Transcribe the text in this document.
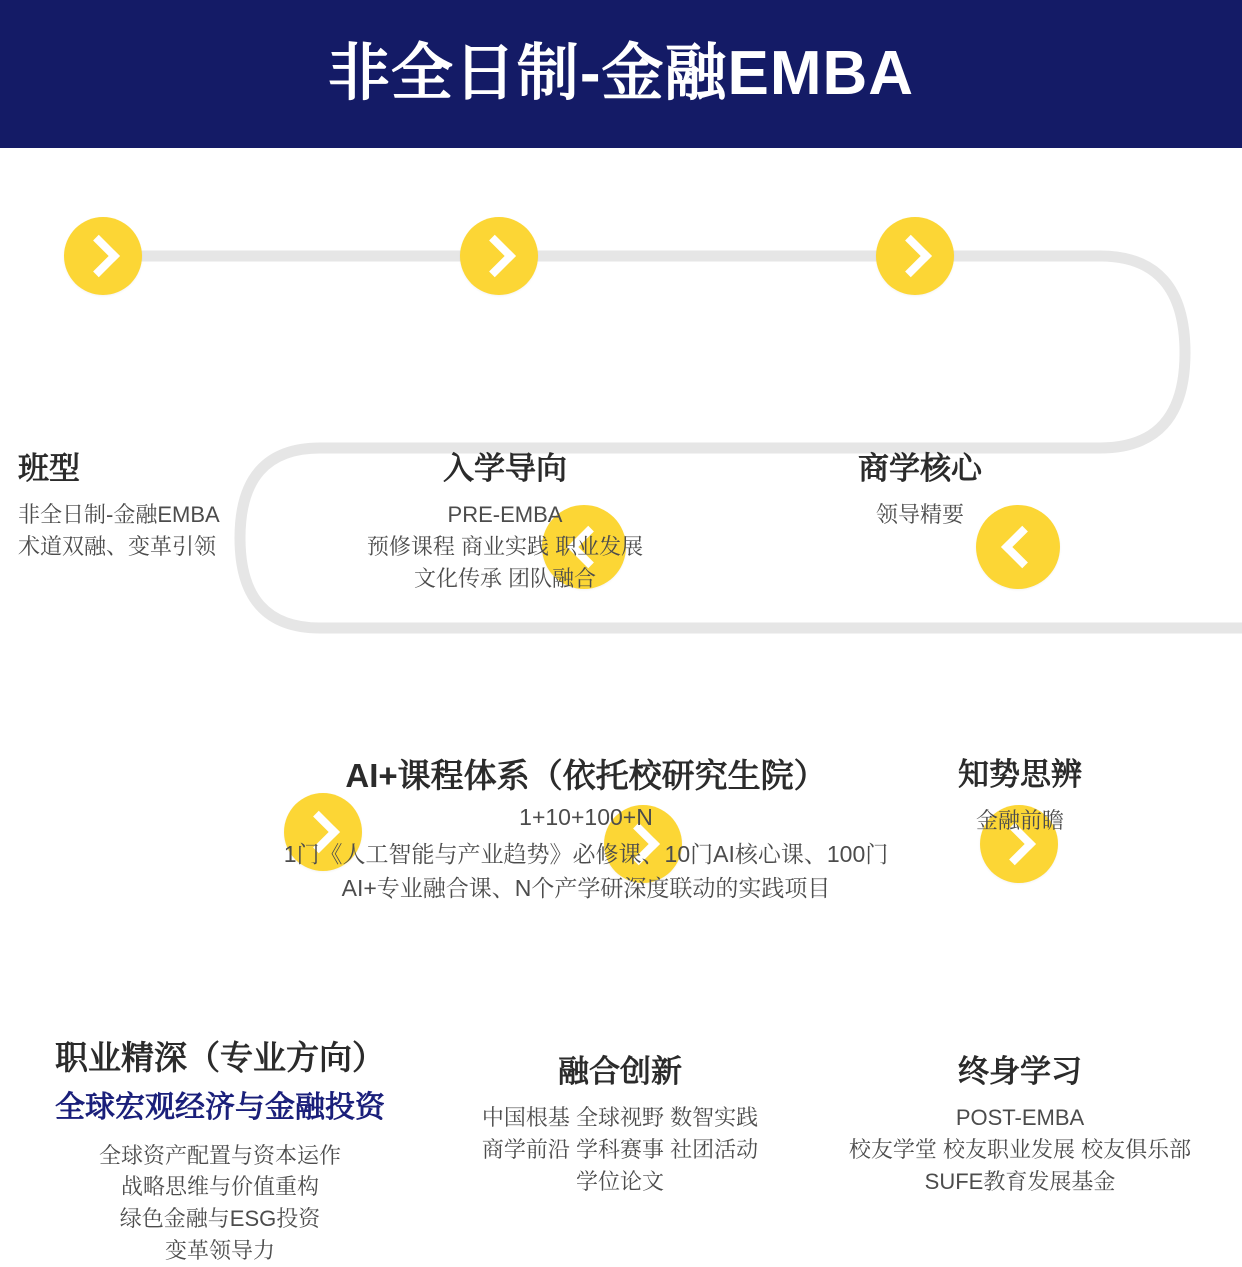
非全日制-金融EMBA
班型
非全日制-金融EMBA
术道双融、变革引领
入学导向
PRE-EMBA
预修课程 商业实践 职业发展
文化传承 团队融合
商学核心
领导精要
AI+课程体系（依托校研究生院）
1+10+100+N
1门《人工智能与产业趋势》必修课、10门AI核心课、100门
AI+专业融合课、N个产学研深度联动的实践项目
知势思辨
金融前瞻
职业精深（专业方向）
全球宏观经济与金融投资
全球资产配置与资本运作
战略思维与价值重构
绿色金融与ESG投资
变革领导力
融合创新
中国根基 全球视野 数智实践
商学前沿 学科赛事 社团活动
学位论文
终身学习
POST-EMBA
校友学堂 校友职业发展 校友俱乐部
SUFE教育发展基金
